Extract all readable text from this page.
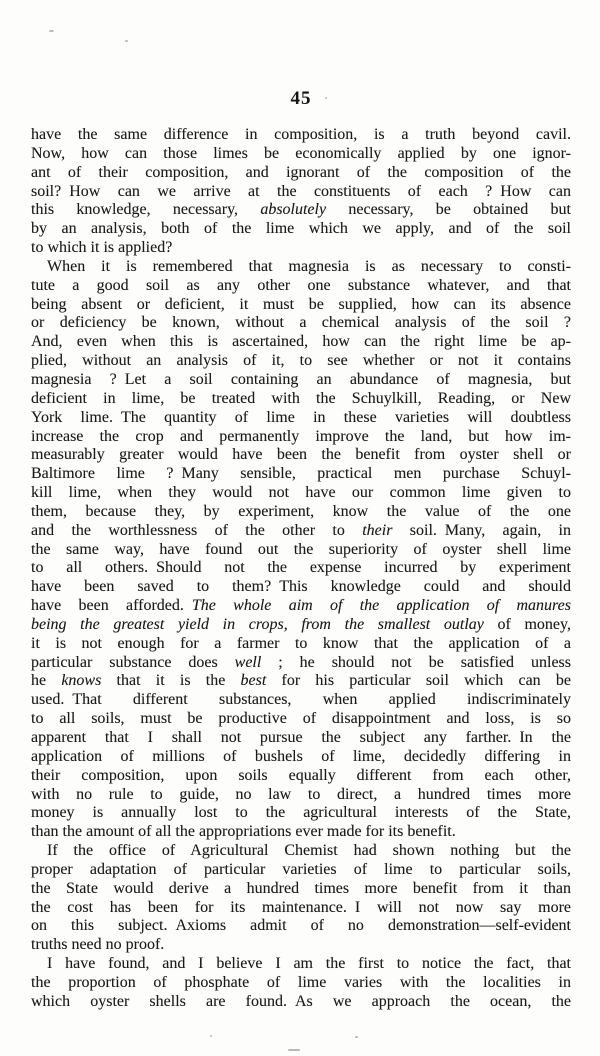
45

have the same difference in composition, is a truth beyond cavil.
Now, how can those limes be economically applied by one ignor-
ant of their composition, and ignorant of the composition of the
soil? How can we arrive at the constituents of each ? How can
this knowledge, necessary, absolutely necessary, be obtained but
by an analysis, both of the lime which we apply, and of the soil
to which it is applied?

When it is remembered that magnesia is as necessary to consti-
tute a good soil as any other one substance whatever, and that
being absent or deficient, it must be supplied, how can its absence
or deficiency be known, without a chemical analysis of the soil ?
And, even when this is ascertained, how can the right lime be ap-
plied, without an analysis of it, to see whether or not it contains
magnesia ? Let a soil containing an abundance of magnesia, but
deficient in lime, be treated with the Schuylkill, Reading, or New
York lime. The quantity of lime in these varieties will doubtless
increase the crop and permanently improve the land, but how im-
measurably greater would have been the benefit from oyster shell or
Baltimore lime ? Many sensible, practical men purchase Schuyl-
kill lime, when they would not have our common lime given to
them, because they, by experiment, know the value of the one
and the worthlessness of the other to their soil. Many, again, in
the same way, have found out the superiority of oyster shell lime
to all others. Should not the expense incurred by experiment
have been saved to them? This knowledge could and should
have been afforded. The whole aim of the application of manures
being the greatest yield in crops, from the smallest outlay of money,
it is not enough for a farmer to know that the application of a
particular substance does well ; he should not be satisfied unless
he knows that it is the best for his particular soil which can be
used. That different substances, when applied indiscriminately
to all soils, must be productive of disappointment and loss, is so
apparent that I shall not pursue the subject any farther. In the
application of millions of bushels of lime, decidedly differing in
their composition, upon soils equally different from each other,
with no rule to guide, no law to direct, a hundred times more
money is annually lost to the agricultural interests of the State,
than the amount of all the appropriations ever made for its benefit.

If the office of Agricultural Chemist had shown nothing but the
proper adaptation of particular varieties of lime to particular soils,
the State would derive a hundred times more benefit from it than
the cost has been for its maintenance. I will not now say more
on this subject. Axioms admit of no demonstration—self-evident
truths need no proof.

I have found, and I believe I am the first to notice the fact, that
the proportion of phosphate of lime varies with the localities in
which oyster shells are found. As we approach the ocean, the
